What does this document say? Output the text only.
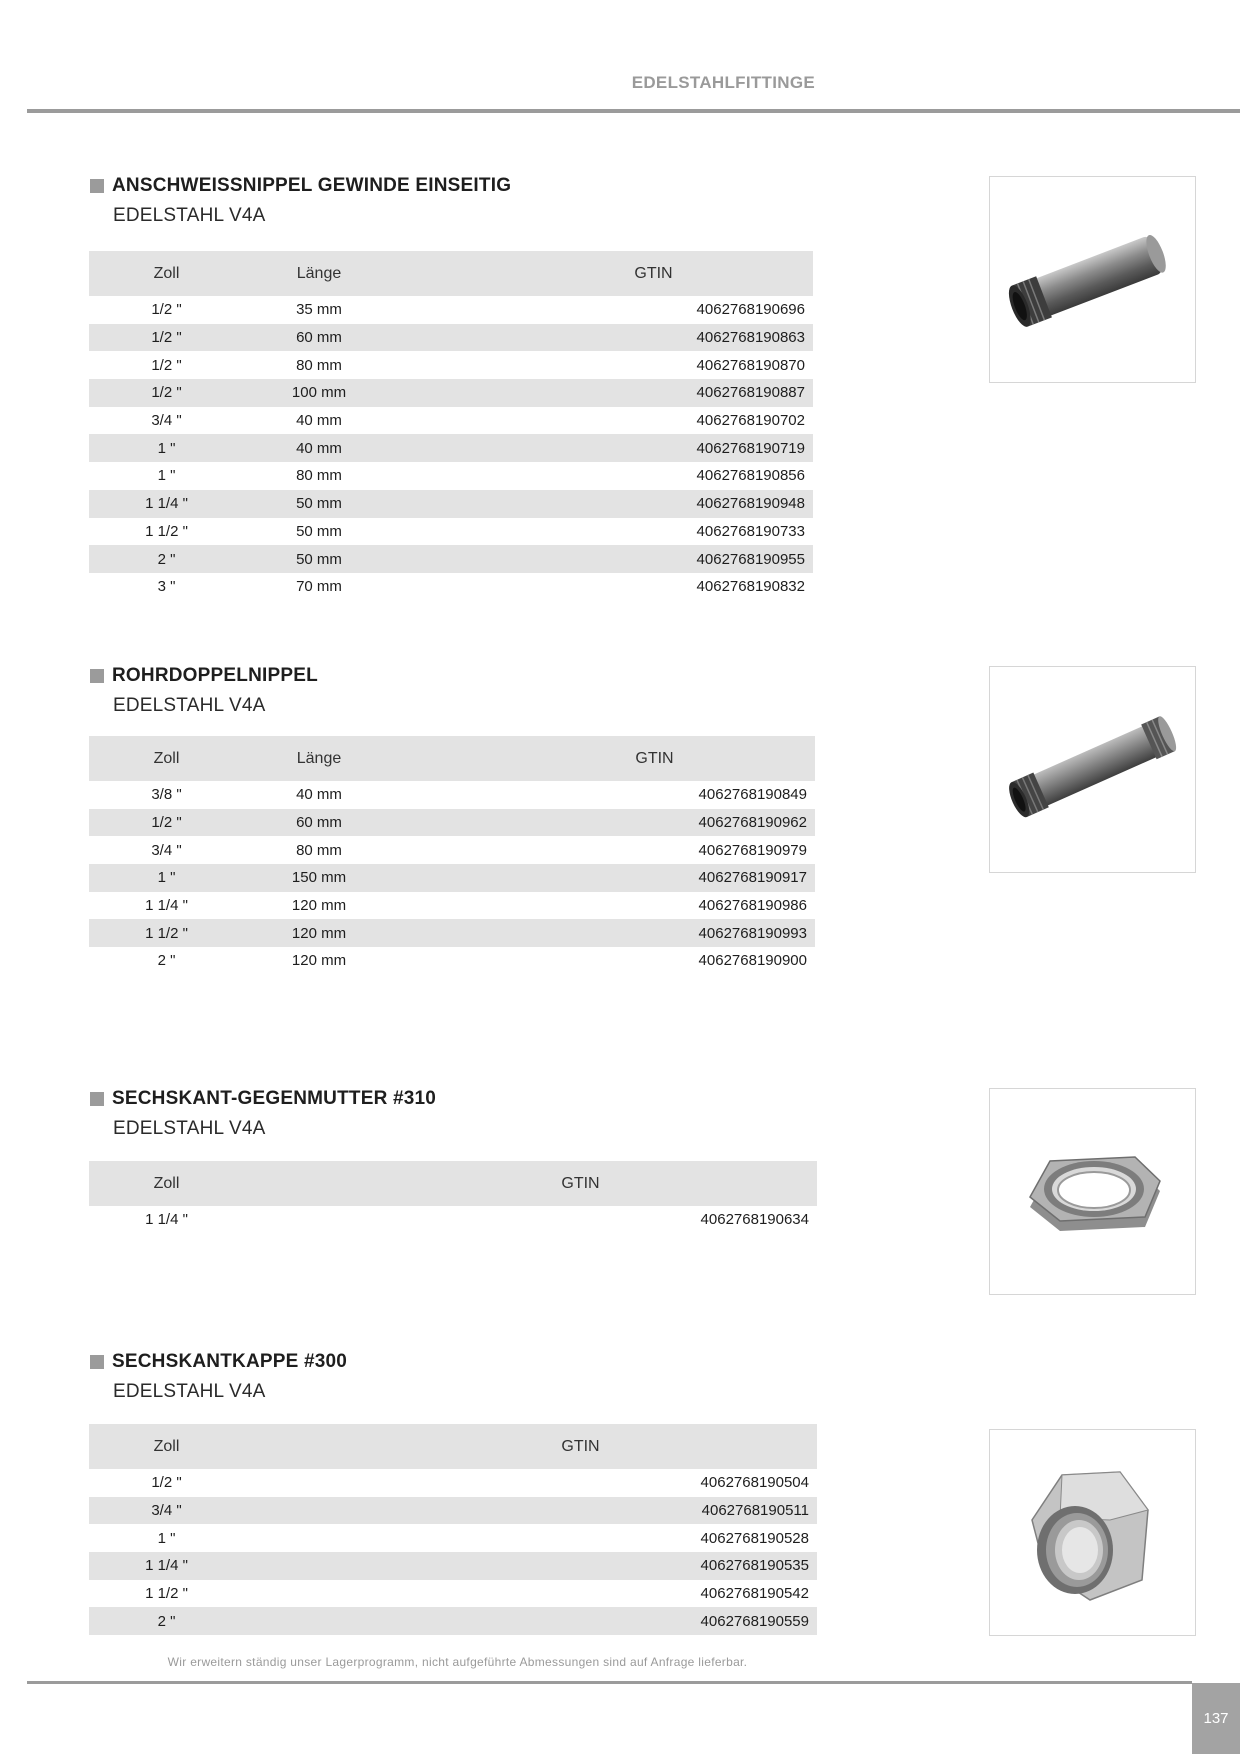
EDELSTAHLFITTINGE
ANSCHWEISSNIPPEL GEWINDE EINSEITIG
EDELSTAHL V4A
Zoll	Länge		GTIN
1/2 "	35 mm		4062768190696
1/2 "	60 mm		4062768190863
1/2 "	80 mm		4062768190870
1/2 "	100 mm		4062768190887
3/4 "	40 mm		4062768190702
1 "	40 mm		4062768190719
1 "	80 mm		4062768190856
1 1/4 "	50 mm		4062768190948
1 1/2 "	50 mm		4062768190733
2 "	50 mm		4062768190955
3 "	70 mm		4062768190832
ROHRDOPPELNIPPEL
EDELSTAHL V4A
Zoll	Länge		GTIN
3/8 "	40 mm		4062768190849
1/2 "	60 mm		4062768190962
3/4 "	80 mm		4062768190979
1 "	150 mm		4062768190917
1 1/4 "	120 mm		4062768190986
1 1/2 "	120 mm		4062768190993
2 "	120 mm		4062768190900
SECHSKANT-GEGENMUTTER #310
EDELSTAHL V4A
Zoll		GTIN
1 1/4 "		4062768190634
SECHSKANTKAPPE #300
EDELSTAHL V4A
Zoll		GTIN
1/2 "		4062768190504
3/4 "		4062768190511
1 "		4062768190528
1 1/4 "		4062768190535
1 1/2 "		4062768190542
2 "		4062768190559
Wir erweitern ständig unser Lagerprogramm, nicht aufgeführte Abmessungen sind auf Anfrage lieferbar.
137
